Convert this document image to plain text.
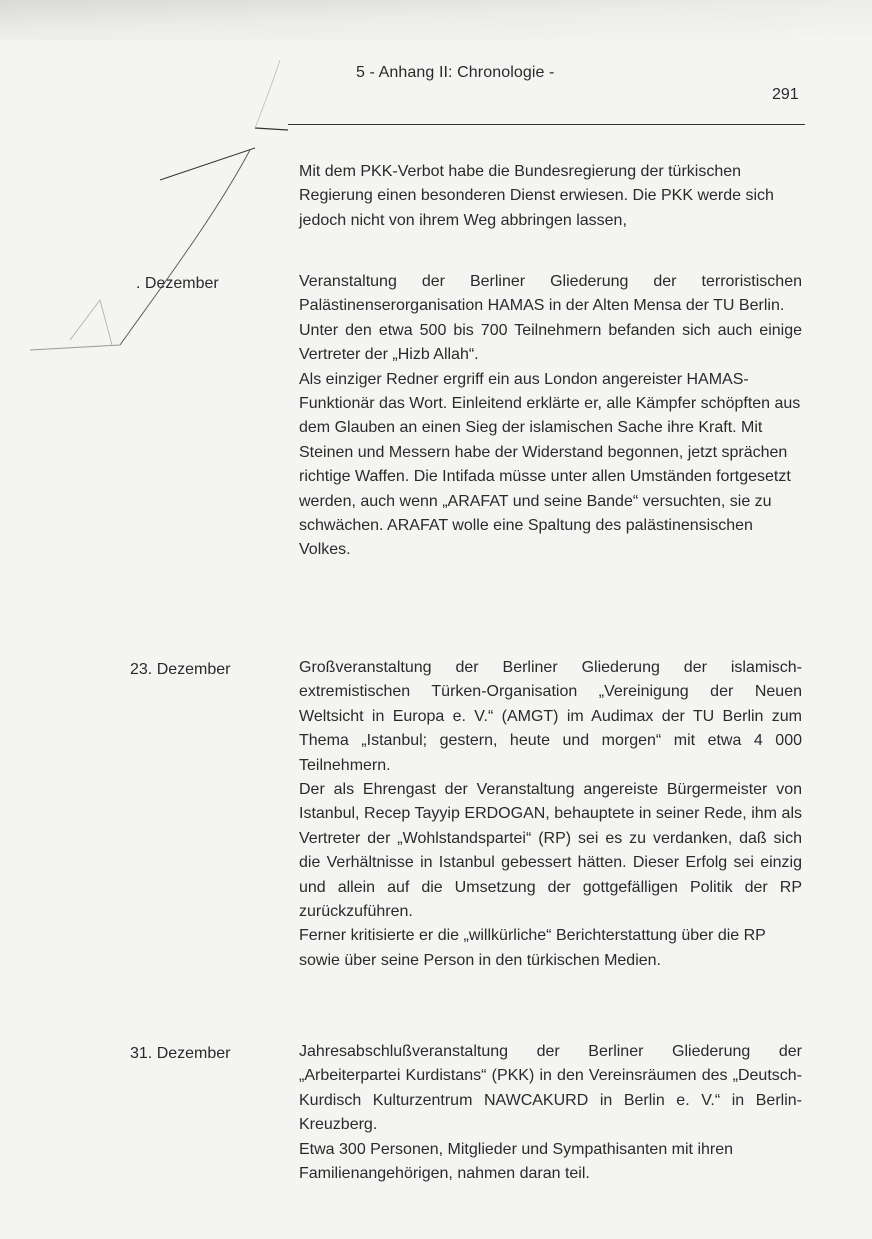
5 - Anhang II: Chronologie -
291

Mit dem PKK-Verbot habe die Bundesregierung der türkischen Regierung einen besonderen Dienst erwiesen. Die PKK werde sich jedoch nicht von ihrem Weg abbringen lassen,

. Dezember	Veranstaltung der Berliner Gliederung der terroristischen Palästinenserorganisation HAMAS in der Alten Mensa der TU Berlin.

Unter den etwa 500 bis 700 Teilnehmern befanden sich auch einige Vertreter der „Hizb Allah“.

Als einziger Redner ergriff ein aus London angereister HAMAS-Funktionär das Wort. Einleitend erklärte er, alle Kämpfer schöpften aus dem Glauben an einen Sieg der islamischen Sache ihre Kraft. Mit Steinen und Messern habe der Widerstand begonnen, jetzt sprächen richtige Waffen. Die Intifada müsse unter allen Umständen fortgesetzt werden, auch wenn „ARAFAT und seine Bande“ versuchten, sie zu schwächen. ARAFAT wolle eine Spaltung des palästinensischen Volkes.

23. Dezember	Großveranstaltung der Berliner Gliederung der islamisch-extremistischen Türken-Organisation „Vereinigung der Neuen Weltsicht in Europa e. V.“ (AMGT) im Audimax der TU Berlin zum Thema „Istanbul; gestern, heute und morgen“ mit etwa 4 000 Teilnehmern.

Der als Ehrengast der Veranstaltung angereiste Bürgermeister von Istanbul, Recep Tayyip ERDOGAN, behauptete in seiner Rede, ihm als Vertreter der „Wohlstandspartei“ (RP) sei es zu verdanken, daß sich die Verhältnisse in Istanbul gebessert hätten. Dieser Erfolg sei einzig und allein auf die Umsetzung der gottgefälligen Politik der RP zurückzuführen.

Ferner kritisierte er die „willkürliche“ Berichterstattung über die RP sowie über seine Person in den türkischen Medien.

31. Dezember	Jahresabschlußveranstaltung der Berliner Gliederung der „Arbeiterpartei Kurdistans“ (PKK) in den Vereinsräumen des „Deutsch-Kurdisch Kulturzentrum NAWCAKURD in Berlin e. V.“ in Berlin-Kreuzberg.

Etwa 300 Personen, Mitglieder und Sympathisanten mit ihren Familienangehörigen, nahmen daran teil.
